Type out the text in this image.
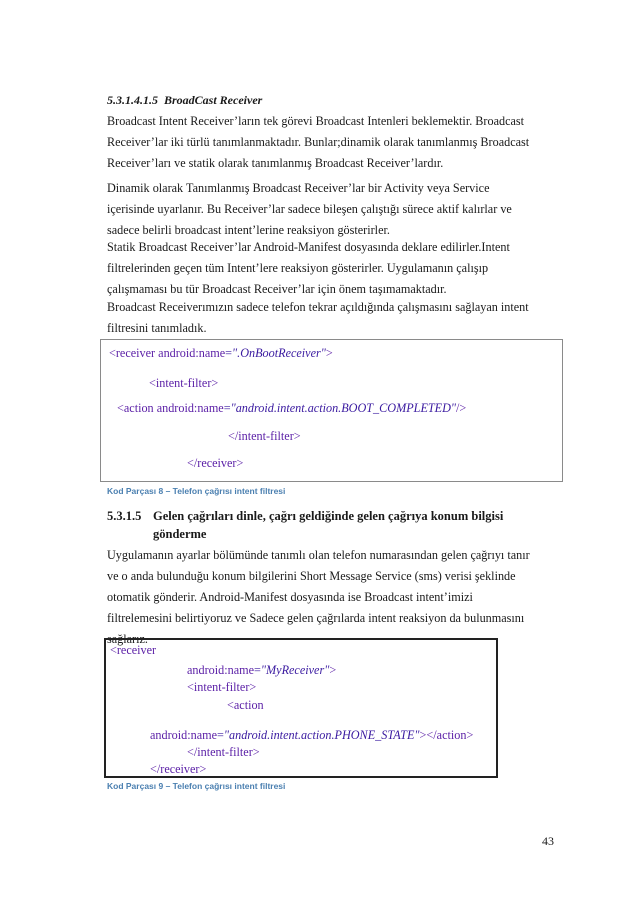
5.3.1.4.1.5 BroadCast Receiver
Broadcast Intent Receiver’ların tek görevi Broadcast Intenleri beklemektir. Broadcast
Receiver’lar iki türlü tanımlanmaktadır. Bunlar;dinamik olarak tanımlanmış Broadcast
Receiver’ları ve statik olarak tanımlanmış Broadcast Receiver’lardır.
Dinamik olarak Tanımlanmış Broadcast Receiver’lar bir Activity veya Service
içerisinde uyarlanır. Bu Receiver’lar sadece bileşen çalıştığı sürece aktif kalırlar ve
sadece belirli broadcast intent’lerine reaksiyon gösterirler.
Statik Broadcast Receiver’lar Android-Manifest dosyasında deklare edilirler.Intent
filtrelerinden geçen tüm Intent’lere reaksiyon gösterirler. Uygulamanın çalışıp
çalışmaması bu tür Broadcast Receiver’lar için önem taşımamaktadır.
Broadcast Receiverımızın sadece telefon tekrar açıldığında çalışmasını sağlayan intent
filtresini tanımladık.
<receiver android:name=".OnBootReceiver">
<intent-filter>
<action android:name="android.intent.action.BOOT_COMPLETED"/>
</intent-filter>
</receiver>
Kod Parçası 8 – Telefon çağrısı intent filtresi
5.3.1.5 Gelen çağrıları dinle, çağrı geldiğinde gelen çağrıya konum bilgisi
gönderme
Uygulamanın ayarlar bölümünde tanımlı olan telefon numarasından gelen çağrıyı tanır
ve o anda bulunduğu konum bilgilerini Short Message Service (sms) verisi şeklinde
otomatik gönderir. Android-Manifest dosyasında ise Broadcast intent’imizi
filtrelemesini belirtiyoruz ve Sadece gelen çağrılarda intent reaksiyon da bulunmasını
sağlarız.
<receiver
android:name="MyReceiver">
<intent-filter>
<action
android:name="android.intent.action.PHONE_STATE"></action>
</intent-filter>
</receiver>
Kod Parçası 9 – Telefon çağrısı intent filtresi
43
